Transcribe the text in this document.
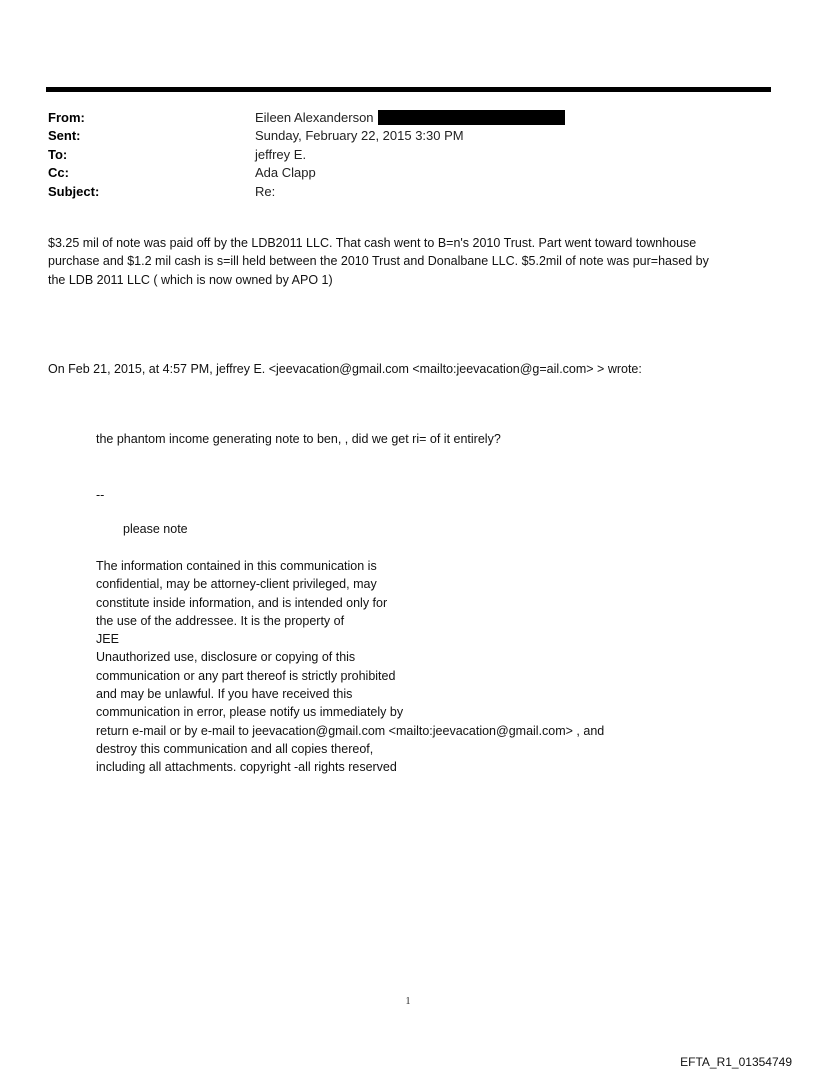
From:	Eileen Alexanderson
Sent:	Sunday, February 22, 2015 3:30 PM
To:	jeffrey E.
Cc:	Ada Clapp
Subject:	Re:
$3.25 mil of note was paid off by the LDB2011 LLC. That cash went to B=n's 2010 Trust. Part went toward townhouse
purchase and $1.2 mil cash is s=ill held between the 2010 Trust and Donalbane LLC. $5.2mil of note was pur=hased by
the LDB 2011 LLC ( which is now owned by APO 1)
On Feb 21, 2015, at 4:57 PM, jeffrey E. <jeevacation@gmail.com <mailto:jeevacation@g=ail.com> > wrote:
the phantom income generating note to ben, , did we get ri= of it entirely?
--
please note
The information contained in this communication is
confidential, may be attorney-client privileged, may
constitute inside information, and is intended only for
the use of the addressee. It is the property of
JEE
Unauthorized use, disclosure or copying of this
communication or any part thereof is strictly prohibited
and may be unlawful. If you have received this
communication in error, please notify us immediately by
return e-mail or by e-mail to jeevacation@gmail.com <mailto:jeevacation@gmail.com> , and
destroy this communication and all copies thereof,
including all attachments. copyright -all rights reserved
1
EFTA_R1_01354749
